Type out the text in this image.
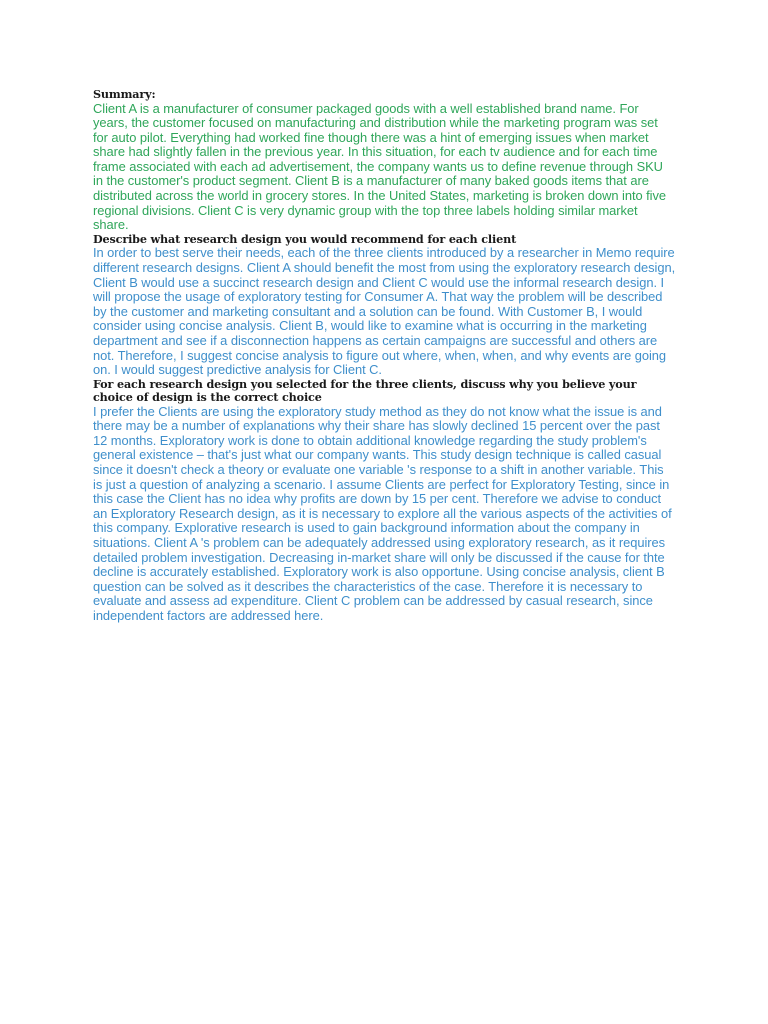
Summary:

Client A is a manufacturer of consumer packaged goods with a well established brand name. For years, the customer focused on manufacturing and distribution while the marketing program was set for auto pilot. Everything had worked fine though there was a hint of emerging issues when market share had slightly fallen in the previous year. In this situation, for each tv audience and for each time frame associated with each ad advertisement, the company wants us to define revenue through SKU in the customer's product segment. Client B is a manufacturer of many baked goods items that are distributed across the world in grocery stores. In the United States, marketing is broken down into five regional divisions. Client C is very dynamic group with the top three labels holding similar market share.

Describe what research design you would recommend for each client

In order to best serve their needs, each of the three clients introduced by a researcher in Memo require different research designs. Client A should benefit the most from using the exploratory research design, Client B would use a succinct research design and Client C would use the informal research design. I will propose the usage of exploratory testing for Consumer A. That way the problem will be described by the customer and marketing consultant and a solution can be found. With Customer B, I would consider using concise analysis. Client B, would like to examine what is occurring in the marketing department and see if a disconnection happens as certain campaigns are successful and others are not. Therefore, I suggest concise analysis to figure out where, when, when, and why events are going on. I would suggest predictive analysis for Client C.

For each research design you selected for the three clients, discuss why you believe your choice of design is the correct choice

I prefer the Clients are using the exploratory study method as they do not know what the issue is and there may be a number of explanations why their share has slowly declined 15 percent over the past 12 months. Exploratory work is done to obtain additional knowledge regarding the study problem's general existence – that's just what our company wants. This study design technique is called casual since it doesn't check a theory or evaluate one variable 's response to a shift in another variable. This is just a question of analyzing a scenario. I assume Clients are perfect for Exploratory Testing, since in this case the Client has no idea why profits are down by 15 per cent. Therefore we advise to conduct an Exploratory Research design, as it is necessary to explore all the various aspects of the activities of this company. Explorative research is used to gain background information about the company in situations. Client A 's problem can be adequately addressed using exploratory research, as it requires detailed problem investigation. Decreasing in-market share will only be discussed if the cause for thte decline is accurately established. Exploratory work is also opportune. Using concise analysis, client B question can be solved as it describes the characteristics of the case. Therefore it is necessary to evaluate and assess ad expenditure. Client C problem can be addressed by casual research, since independent factors are addressed here.
